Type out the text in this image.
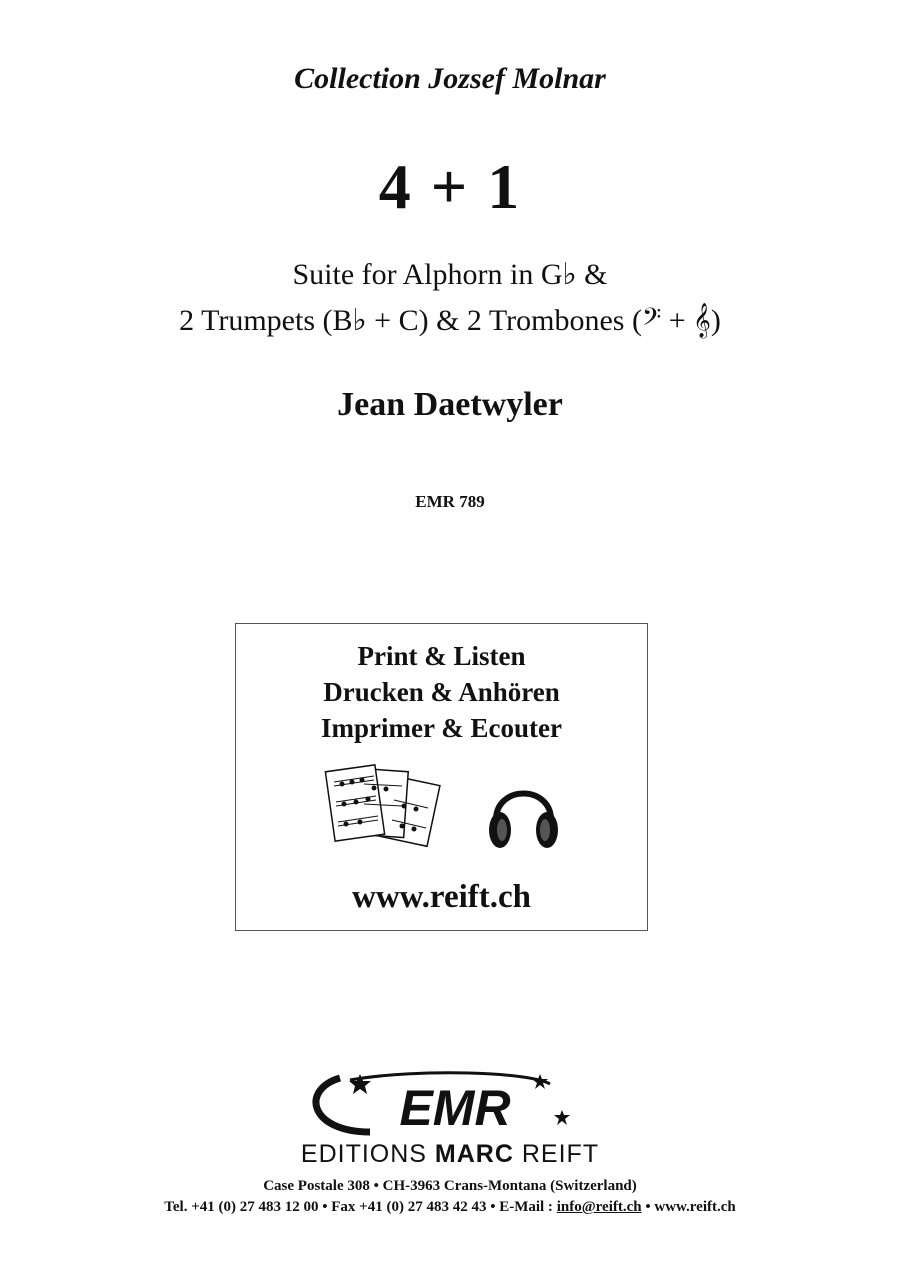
Collection Jozsef Molnar
4 + 1
Suite for Alphorn in G♭ &
2 Trumpets (B♭ + C) & 2 Trombones (𝄢 + 𝄞)
Jean Daetwyler
EMR 789
Print & Listen
Drucken & Anhören
Imprimer & Ecouter
www.reift.ch
EMR
EDITIONS MARC REIFT
Case Postale 308 • CH-3963 Crans-Montana (Switzerland)
Tel. +41 (0) 27 483 12 00 • Fax +41 (0) 27 483 42 43 • E-Mail : info@reift.ch • www.reift.ch
